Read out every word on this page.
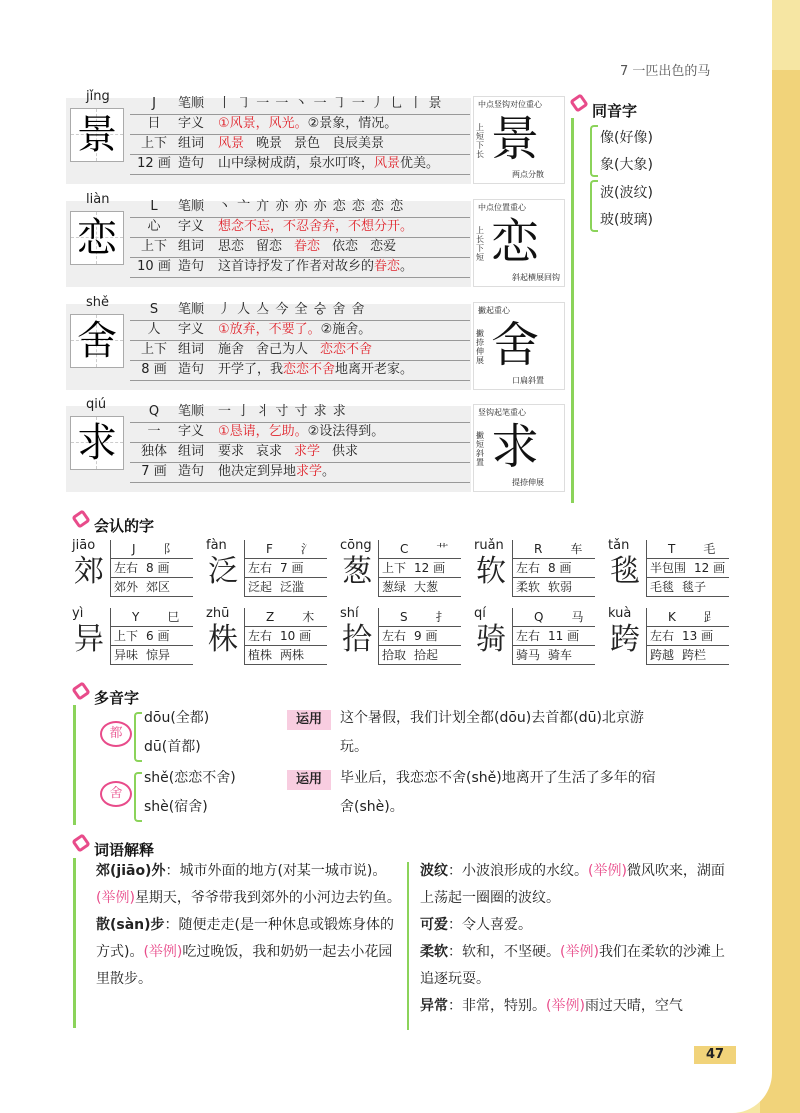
7 一匹出色的马
jǐng
景
J	笔顺	丨 ㇆ 一 一 丶 一 ㇆ 一 丿 乚 丨 景
日	字义	①风景，风光。②景象，情况。
上下 组词	风景 晚景 景色 良辰美景
12 画 造句	山中绿树成荫，泉水叮咚，风景优美。	景
中点竖钩对位重心
上短下长
两点分散
liàn
恋
L	笔顺	丶 亠 亣 亦 亦 亦 恋 恋 恋 恋
心	字义	想念不忘，不忍舍弃，不想分开。
上下 组词	思恋 留恋 眷恋 依恋 恋爱
10 画 造句	这首诗抒发了作者对故乡的眷恋。	恋
中点位置重心
上长下短
斜起横展回钩
shě
舍
S	笔顺	丿 人 亼 今 全 숭 舍 舍
人	字义	①放弃，不要了。②施舍。
上下 组词	施舍 舍己为人 恋恋不舍
8 画 造句	开学了，我恋恋不舍地离开老家。	舍
撇起重心
撇捺伸展
口扁斜置
qiú
求
Q	笔顺	一 亅 丬 寸 寸 求 求
一	字义	①恳请，乞助。②设法得到。
独体 组词	要求 哀求 求学 供求
7 画 造句	他决定到异地求学。	求
竖钩起笔重心
撇短斜置
提捺伸展
同音字
像(好像)
象(大象)
波(波纹)
玻(玻璃)
会认的字
jiāo
郊
J 阝
左右 8 画
郊外 郊区
fàn
泛
F 氵
左右 7 画
泛起 泛滥
cōng
葱
C 艹
上下 12 画
葱绿 大葱
ruǎn
软
R 车
左右 8 画
柔软 软弱
tǎn
毯
T 毛
半包围 12 画
毛毯 毯子
yì
异
Y 巳
上下 6 画
异味 惊异
zhū
株
Z 木
左右 10 画
植株 两株
shí
拾
S 扌
左右 9 画
拾取 拾起
qí
骑
Q 马
左右 11 画
骑马 骑车
kuà
跨
K 𧾷
左右 13 画
跨越 跨栏
多音字
都
dōu(全都)
dū(首都)
运用	这个暑假，我们计划全都(dōu)去首都(dū)北京游
玩。
舍
shě(恋恋不舍)
shè(宿舍)
运用	毕业后，我恋恋不舍(shě)地离开了生活了多年的宿
舍(shè)。
词语解释
郊(jiāo)外：城市外面的地方(对某一城市说)。(举例)星期天，爷爷带我到郊外的小河边去钓鱼。
散(sàn)步：随便走走(是一种休息或锻炼身体的方式)。(举例)吃过晚饭，我和奶奶一起去小花园里散步。
波纹：小波浪形成的水纹。(举例)微风吹来，湖面上荡起一圈圈的波纹。
可爱：令人喜爱。
柔软：软和，不坚硬。(举例)我们在柔软的沙滩上追逐玩耍。
异常：非常，特别。(举例)雨过天晴，空气
47
